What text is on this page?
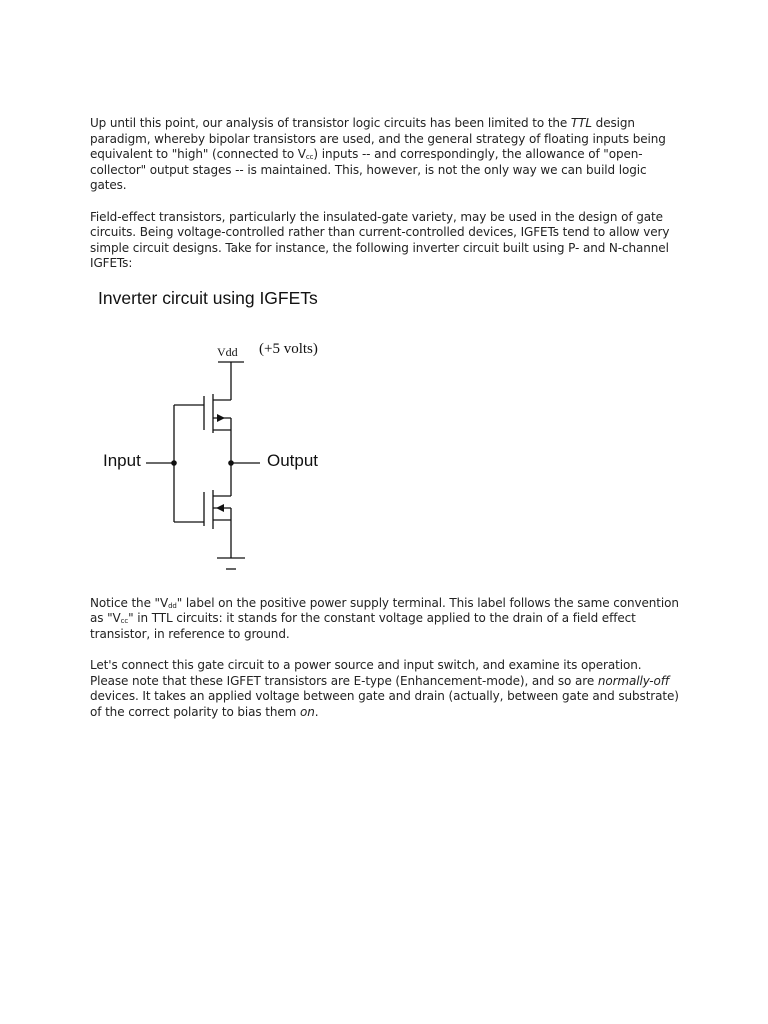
Up until this point, our analysis of transistor logic circuits has been limited to the TTL design paradigm, whereby bipolar transistors are used, and the general strategy of floating inputs being equivalent to "high" (connected to $V_{cc}$) inputs -- and correspondingly, the allowance of "open-collector" output stages -- is maintained. This, however, is not the only way we can build logic gates.

Field-effect transistors, particularly the insulated-gate variety, may be used in the design of gate circuits. Being voltage-controlled rather than current-controlled devices, IGFETs tend to allow very simple circuit designs. Take for instance, the following inverter circuit built using P- and N-channel IGFETs:

Inverter circuit using IGFETs
Vdd (+5 volts)
Input	Output

Notice the "$V_{dd}$" label on the positive power supply terminal. This label follows the same convention as "$V_{cc}$" in TTL circuits: it stands for the constant voltage applied to the drain of a field effect transistor, in reference to ground.

Let's connect this gate circuit to a power source and input switch, and examine its operation. Please note that these IGFET transistors are E-type (Enhancement-mode), and so are normally-off devices. It takes an applied voltage between gate and drain (actually, between gate and substrate) of the correct polarity to bias them on.
